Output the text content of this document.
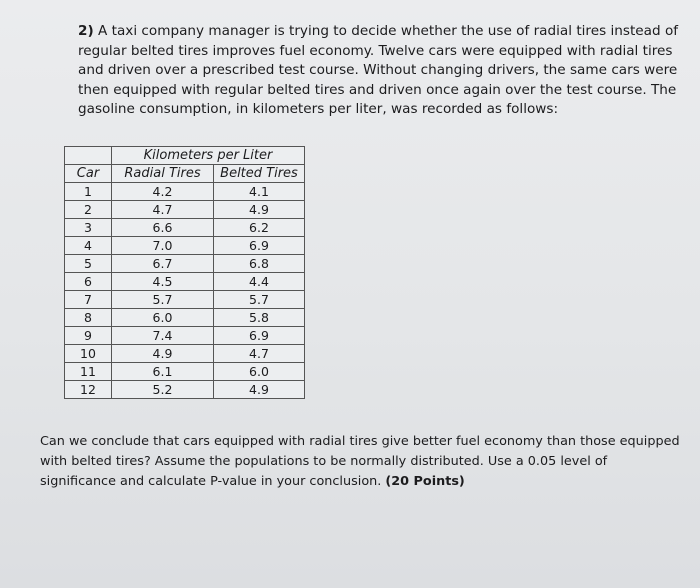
2) A taxi company manager is trying to decide whether the use of radial tires instead of regular belted tires improves fuel economy. Twelve cars were equipped with radial tires and driven over a prescribed test course. Without changing drivers, the same cars were then equipped with regular belted tires and driven once again over the test course. The gasoline consumption, in kilometers per liter, was recorded as follows:

	Kilometers per Liter	
Car	Radial Tires	Belted Tires
1	4.2	4.1
2	4.7	4.9
3	6.6	6.2
4	7.0	6.9
5	6.7	6.8
6	4.5	4.4
7	5.7	5.7
8	6.0	5.8
9	7.4	6.9
10	4.9	4.7
11	6.1	6.0
12	5.2	4.9

Can we conclude that cars equipped with radial tires give better fuel economy than those equipped with belted tires? Assume the populations to be normally distributed. Use a 0.05 level of significance and calculate P-value in your conclusion. (20 Points)
